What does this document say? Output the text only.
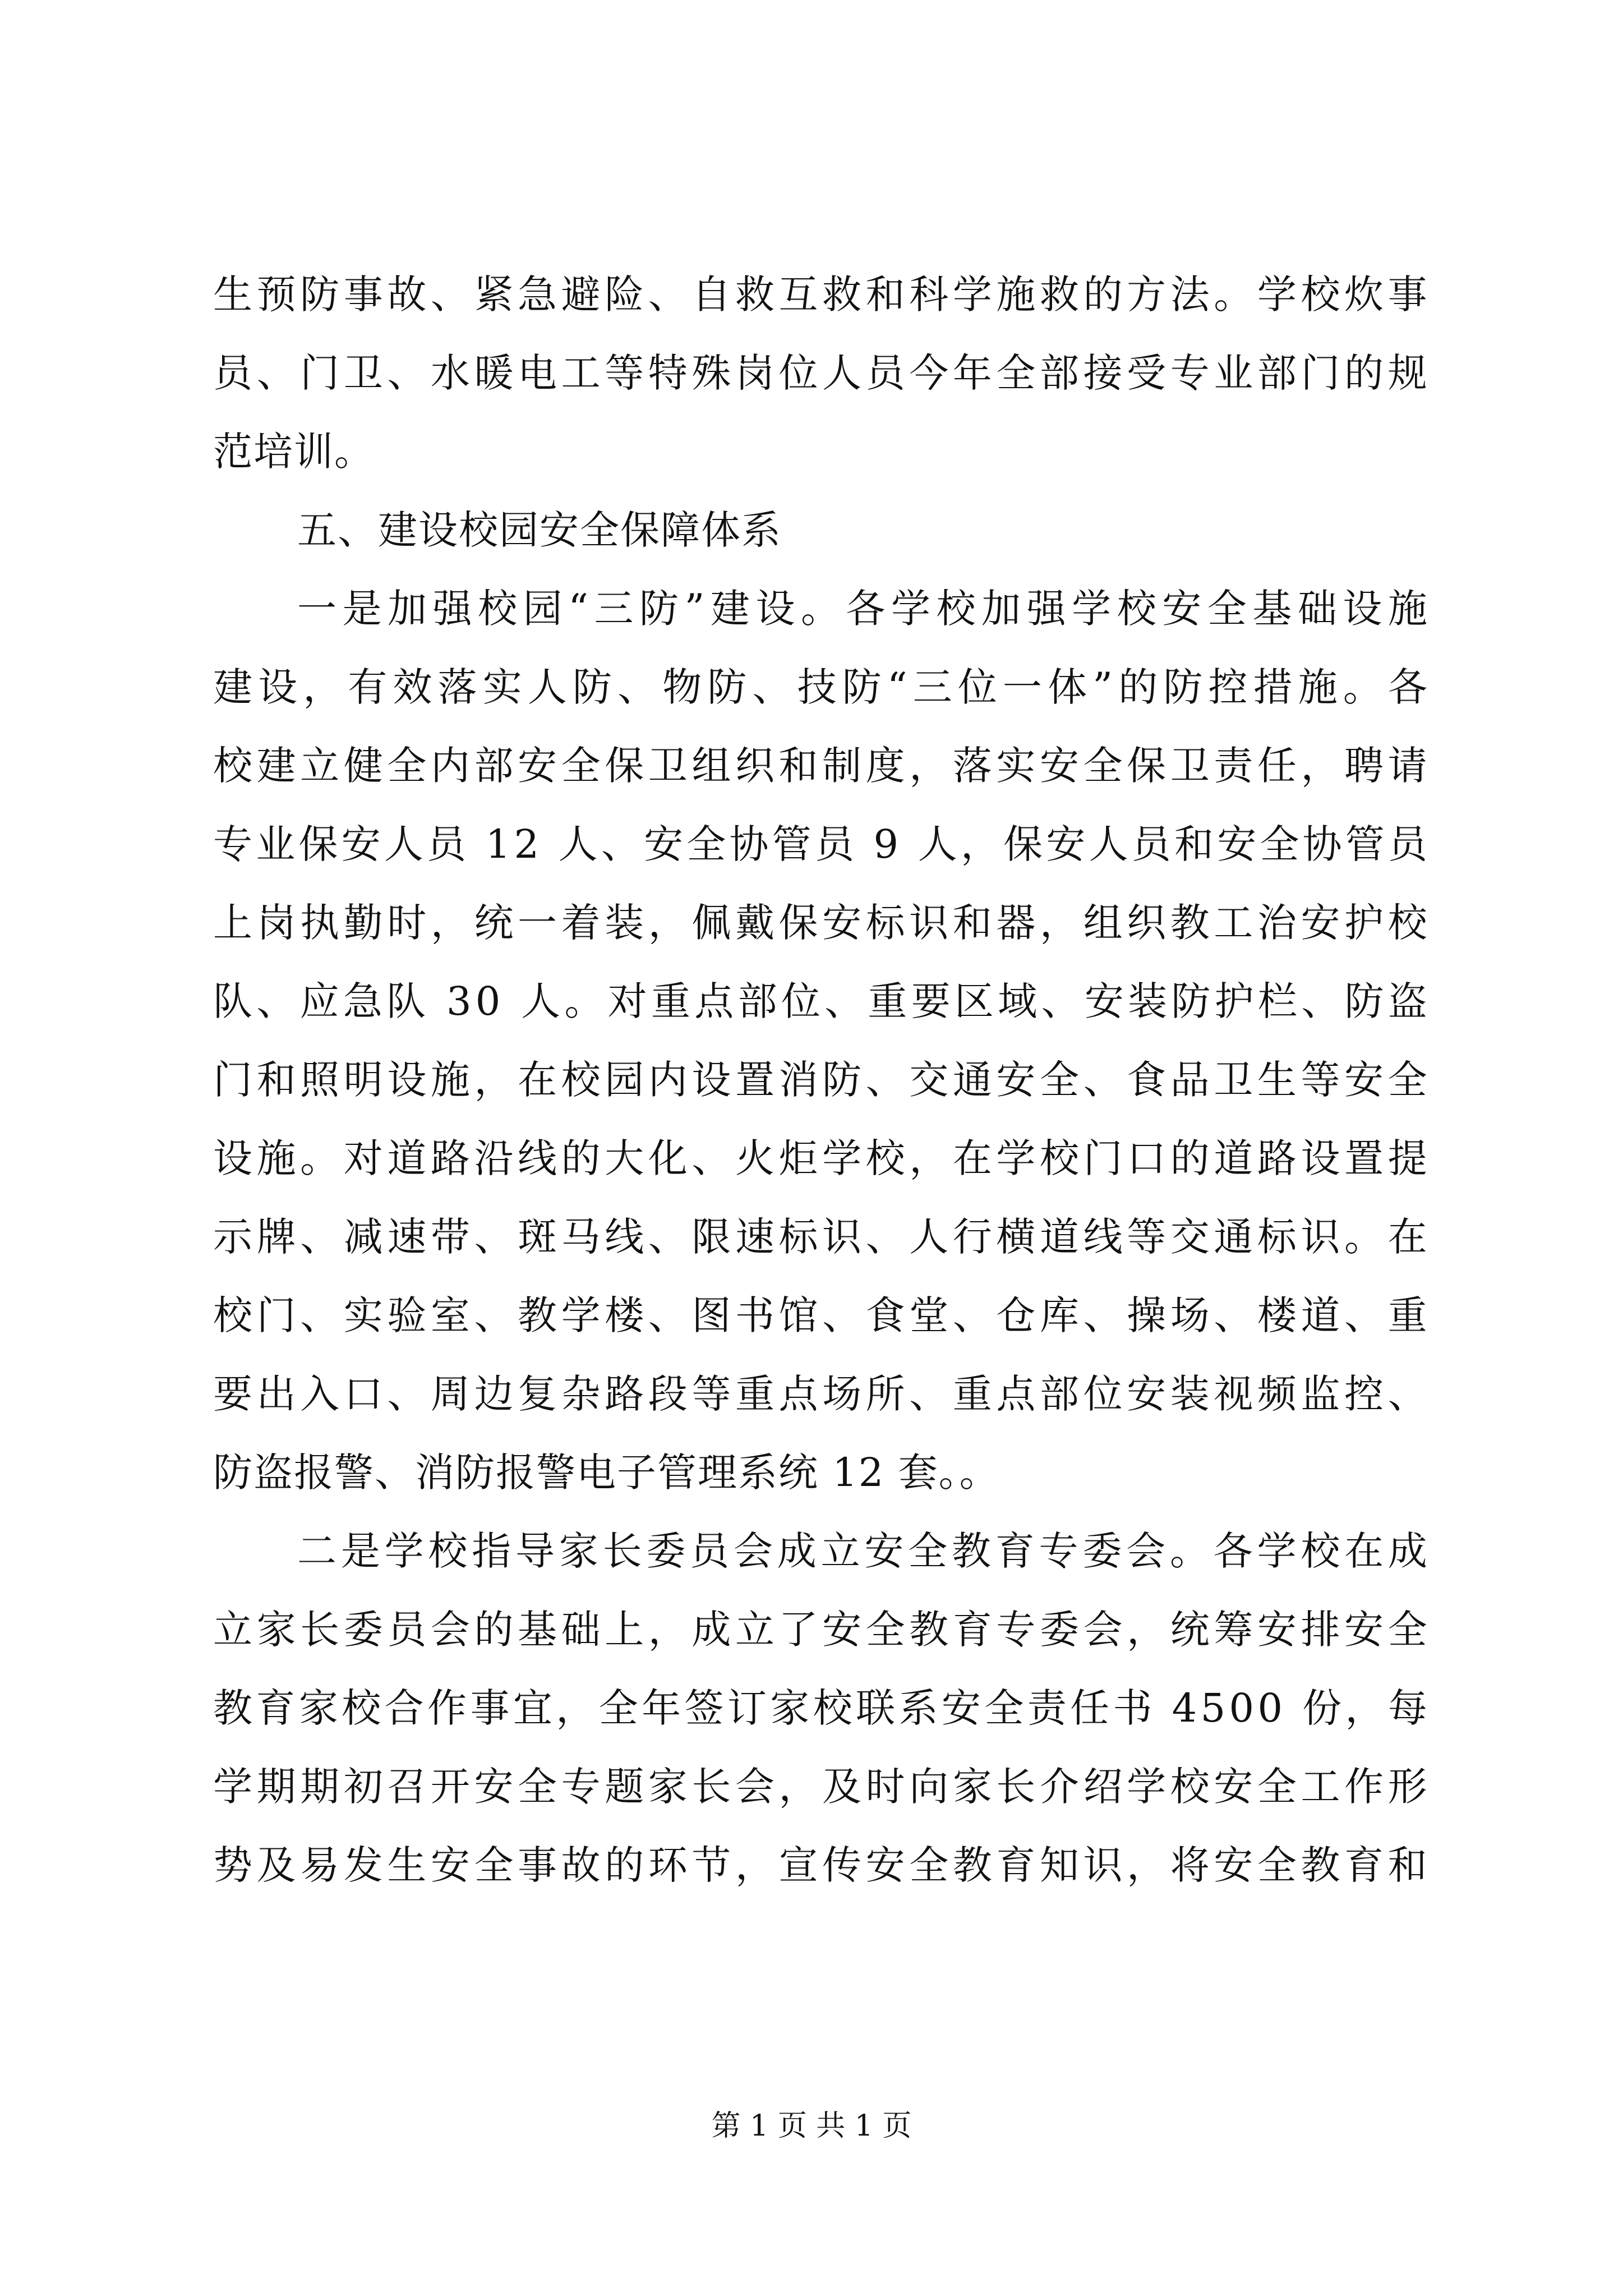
生 预 防 事 故 、 紧 急 避 险 、 自 救 互 救 和 科 学 施 救 的 方 法 。 学 校 炊 事
员 、 门 卫 、 水 暖 电 工 等 特 殊 岗 位 人 员 今 年 全 部 接 受 专 业 部 门 的 规
范培训。
五、建设校园安全保障体系
一 是 加 强 校 园 “ 三 防 ” 建 设 。 各 学 校 加 强 学 校 安 全 基 础 设 施
建 设 ， 有 效 落 实 人 防 、 物 防 、 技 防 “ 三 位 一 体 ” 的 防 控 措 施 。 各
校 建 立 健 全 内 部 安 全 保 卫 组 织 和 制 度 ， 落 实 安 全 保 卫 责 任 ， 聘 请
专 业 保 安 人 员
1 2
人 、 安 全 协 管 员
9
人 ， 保 安 人 员 和 安 全 协 管 员
上 岗 执 勤 时 ， 统 一 着 装 ， 佩 戴 保 安 标 识 和 器 ， 组 织 教 工 治 安 护 校
队 、 应 急 队
3 0
人 。 对 重 点 部 位 、 重 要 区 域 、 安 装 防 护 栏 、 防 盗
门 和 照 明 设 施 ， 在 校 园 内 设 置 消 防 、 交 通 安 全 、 食 品 卫 生 等 安 全
设 施 。 对 道 路 沿 线 的 大 化 、 火 炬 学 校 ， 在 学 校 门 口 的 道 路 设 置 提
示 牌 、 减 速 带 、 斑 马 线 、 限 速 标 识 、 人 行 横 道 线 等 交 通 标 识 。 在
校 门 、 实 验 室 、 教 学 楼 、 图 书 馆 、 食 堂 、 仓 库 、 操 场 、 楼 道 、 重
要 出 入 口 、 周 边 复 杂 路 段 等 重 点 场 所 、 重 点 部 位 安 装 视 频 监 控 、
防盗报警、消防报警电子管理系统 12 套。。
二 是 学 校 指 导 家 长 委 员 会 成 立 安 全 教 育 专 委 会 。 各 学 校 在 成
立 家 长 委 员 会 的 基 础 上 ， 成 立 了 安 全 教 育 专 委 会 ， 统 筹 安 排 安 全
教 育 家 校 合 作 事 宜 ， 全 年 签 订 家 校 联 系 安 全 责 任 书
4 5 0 0
份 ， 每
学 期 期 初 召 开 安 全 专 题 家 长 会 ， 及 时 向 家 长 介 绍 学 校 安 全 工 作 形
势 及 易 发 生 安 全 事 故 的 环 节 ， 宣 传 安 全 教 育 知 识 ， 将 安 全 教 育 和
第 1 页 共 1 页
